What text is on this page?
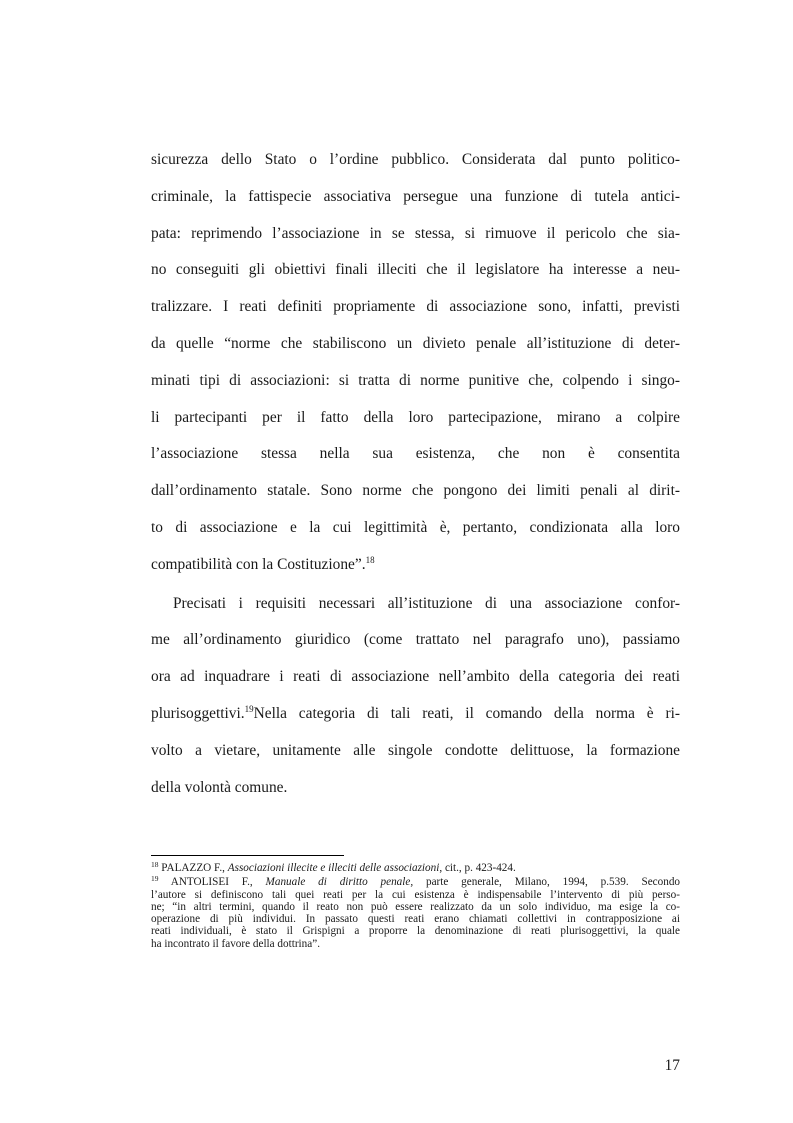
sicurezza dello Stato o l’ordine pubblico. Considerata dal punto politico-
criminale, la fattispecie associativa persegue una funzione di tutela antici-
pata: reprimendo l’associazione in se stessa, si rimuove il pericolo che sia-
no conseguiti gli obiettivi finali illeciti che il legislatore ha interesse a neu-
tralizzare. I reati definiti propriamente di associazione sono, infatti, previsti
da quelle “norme che stabiliscono un divieto penale all’istituzione di deter-
minati tipi di associazioni: si tratta di norme punitive che, colpendo i singo-
li partecipanti per il fatto della loro partecipazione, mirano a colpire
l’associazione stessa nella sua esistenza, che non è consentita
dall’ordinamento statale. Sono norme che pongono dei limiti penali al dirit-
to di associazione e la cui legittimità è, pertanto, condizionata alla loro
compatibilità con la Costituzione”.$^{18}$
Precisati i requisiti necessari all’istituzione di una associazione confor-
me all’ordinamento giuridico (come trattato nel paragrafo uno), passiamo
ora ad inquadrare i reati di associazione nell’ambito della categoria dei reati
plurisoggettivi.$^{19}$Nella categoria di tali reati, il comando della norma è ri-
volto a vietare, unitamente alle singole condotte delittuose, la formazione
della volontà comune.
$^{18}$ PALAZZO F., Associazioni illecite e illeciti delle associazioni, cit., p. 423-424.
$^{19}$ ANTOLISEI F., Manuale di diritto penale, parte generale, Milano, 1994, p.539. Secondo
l’autore si definiscono tali quei reati per la cui esistenza è indispensabile l’intervento di più perso-
ne; “in altri termini, quando il reato non può essere realizzato da un solo individuo, ma esige la co-
operazione di più individui. In passato questi reati erano chiamati collettivi in contrapposizione ai
reati individuali, è stato il Grispigni a proporre la denominazione di reati plurisoggettivi, la quale
ha incontrato il favore della dottrina”.
17
